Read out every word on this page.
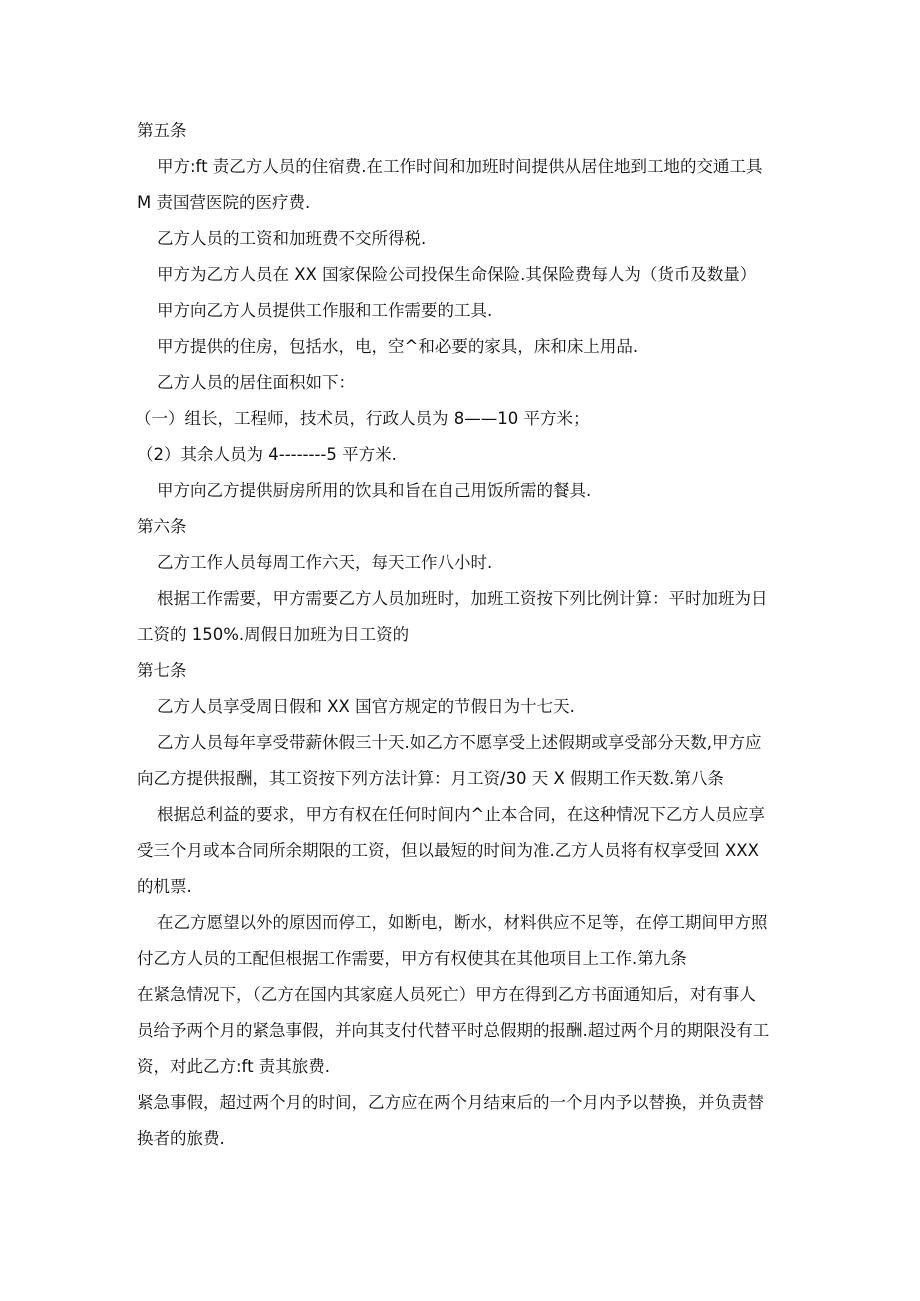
第五条
甲方:ft 责乙方人员的住宿费.在工作时间和加班时间提供从居住地到工地的交通工具
M 责国营医院的医疗费.
乙方人员的工资和加班费不交所得税.
甲方为乙方人员在 XX 国家保险公司投保生命保险.其保险费每人为（货币及数量）
甲方向乙方人员提供工作服和工作需要的工具.
甲方提供的住房，包括水，电，空^和必要的家具，床和床上用品.
乙方人员的居住面积如下：
（一）组长，工程师，技术员，行政人员为 8——10 平方米；
（2）其余人员为 4--------5 平方米.
甲方向乙方提供厨房所用的饮具和旨在自己用饭所需的餐具.
第六条
乙方工作人员每周工作六天，每天工作八小时.
根据工作需要，甲方需要乙方人员加班时，加班工资按下列比例计算：平时加班为日
工资的 150%.周假日加班为日工资的
第七条
乙方人员享受周日假和 XX 国官方规定的节假日为十七天.
乙方人员每年享受带薪休假三十天.如乙方不愿享受上述假期或享受部分天数,甲方应
向乙方提供报酬，其工资按下列方法计算：月工资/30 天 X 假期工作天数.第八条
根据总利益的要求，甲方有权在任何时间内^止本合同，在这种情况下乙方人员应享
受三个月或本合同所余期限的工资，但以最短的时间为准.乙方人员将有权享受回 XXX
的机票.
在乙方愿望以外的原因而停工，如断电，断水，材料供应不足等，在停工期间甲方照
付乙方人员的工配但根据工作需要，甲方有权使其在其他项目上工作.第九条
在紧急情况下，（乙方在国内其家庭人员死亡）甲方在得到乙方书面通知后，对有事人
员给予两个月的紧急事假，并向其支付代替平时总假期的报酬.超过两个月的期限没有工
资，对此乙方:ft 责其旅费.
紧急事假，超过两个月的时间，乙方应在两个月结束后的一个月内予以替换，并负责替
换者的旅费.
